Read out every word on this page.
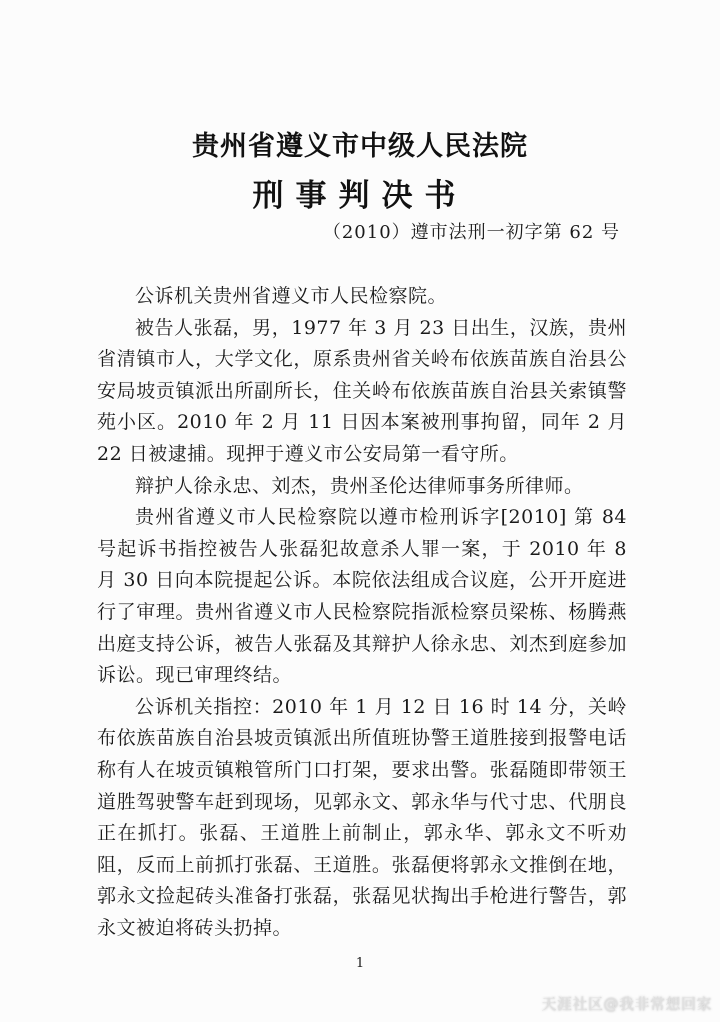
贵州省遵义市中级人民法院
刑事判决书
（2010）遵市法刑一初字第 62 号

公诉机关贵州省遵义市人民检察院。

被告人张磊，男，1977 年 3 月 23 日出生，汉族，贵州省清镇市人，大学文化，原系贵州省关岭布依族苗族自治县公安局坡贡镇派出所副所长，住关岭布依族苗族自治县关索镇警苑小区。2010 年 2 月 11 日因本案被刑事拘留，同年 2 月 22 日被逮捕。现押于遵义市公安局第一看守所。

辩护人徐永忠、刘杰，贵州圣伦达律师事务所律师。

贵州省遵义市人民检察院以遵市检刑诉字[2010] 第 84 号起诉书指控被告人张磊犯故意杀人罪一案，于 2010 年 8 月 30 日向本院提起公诉。本院依法组成合议庭，公开开庭进行了审理。贵州省遵义市人民检察院指派检察员梁栋、杨腾燕出庭支持公诉，被告人张磊及其辩护人徐永忠、刘杰到庭参加诉讼。现已审理终结。

公诉机关指控：2010 年 1 月 12 日 16 时 14 分，关岭布依族苗族自治县坡贡镇派出所值班协警王道胜接到报警电话称有人在坡贡镇粮管所门口打架，要求出警。张磊随即带领王道胜驾驶警车赶到现场，见郭永文、郭永华与代寸忠、代朋良正在抓打。张磊、王道胜上前制止，郭永华、郭永文不听劝阻，反而上前抓打张磊、王道胜。张磊便将郭永文推倒在地，郭永文捡起砖头准备打张磊，张磊见状掏出手枪进行警告，郭永文被迫将砖头扔掉。

1
天涯社区@我非常想回家
